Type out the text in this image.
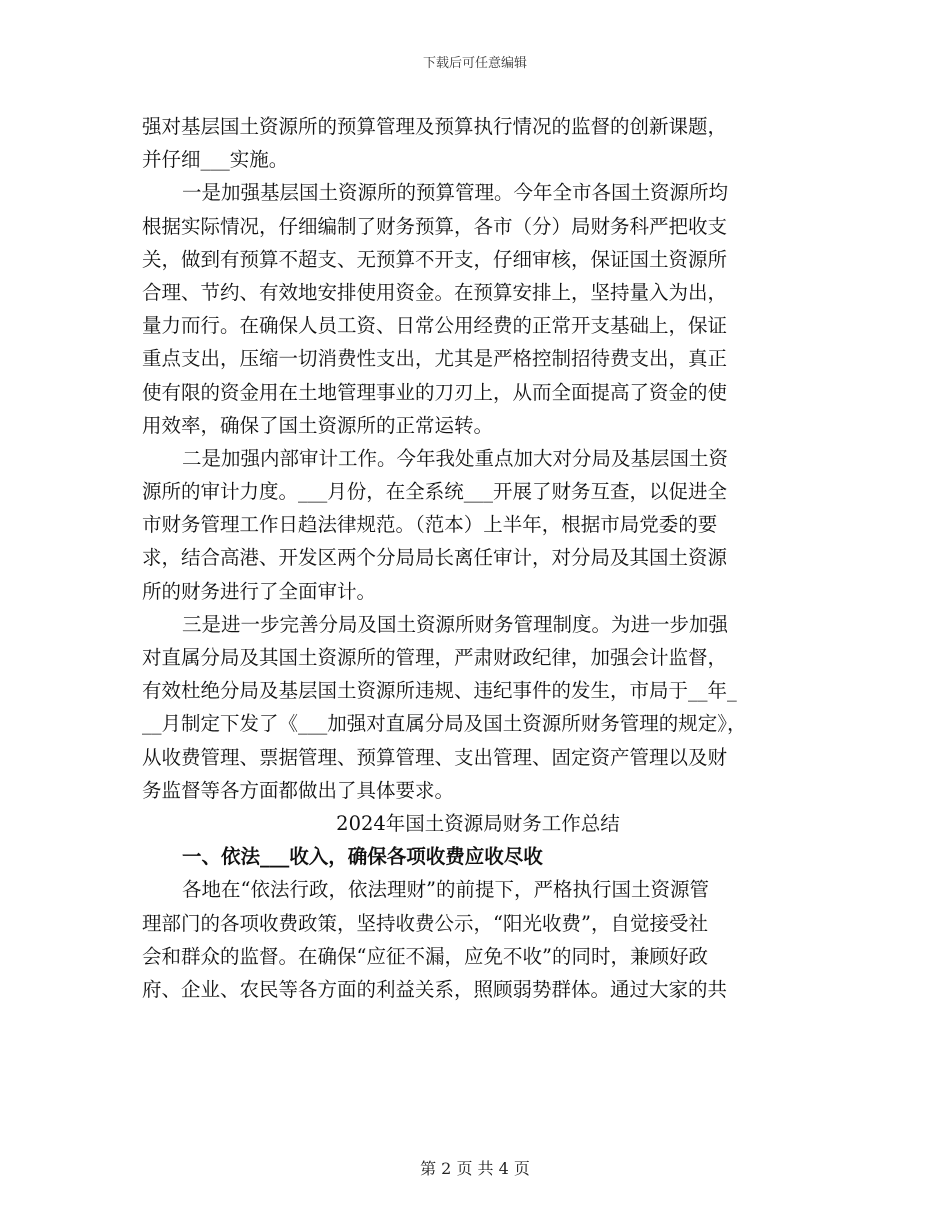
下载后可任意编辑
强对基层国土资源所的预算管理及预算执行情况的监督的创新课题，
并仔细___实施。
一是加强基层国土资源所的预算管理。今年全市各国土资源所均
根据实际情况，仔细编制了财务预算，各市（分）局财务科严把收支
关，做到有预算不超支、无预算不开支，仔细审核，保证国土资源所
合理、节约、有效地安排使用资金。在预算安排上，坚持量入为出，
量力而行。在确保人员工资、日常公用经费的正常开支基础上，保证
重点支出，压缩一切消费性支出，尤其是严格控制招待费支出，真正
使有限的资金用在土地管理事业的刀刃上，从而全面提高了资金的使
用效率，确保了国土资源所的正常运转。
二是加强内部审计工作。今年我处重点加大对分局及基层国土资
源所的审计力度。___月份，在全系统___开展了财务互查，以促进全
市财务管理工作日趋法律规范。（范本）上半年，根据市局党委的要
求，结合高港、开发区两个分局局长离任审计，对分局及其国土资源
所的财务进行了全面审计。
三是进一步完善分局及国土资源所财务管理制度。为进一步加强
对直属分局及其国土资源所的管理，严肃财政纪律，加强会计监督，
有效杜绝分局及基层国土资源所违规、违纪事件的发生，市局于__年_
__月制定下发了《___加强对直属分局及国土资源所财务管理的规定》，
从收费管理、票据管理、预算管理、支出管理、固定资产管理以及财
务监督等各方面都做出了具体要求。
2024年国土资源局财务工作总结
一、依法___收入，确保各项收费应收尽收
各地在“依法行政，依法理财”的前提下，严格执行国土资源管
理部门的各项收费政策，坚持收费公示，“阳光收费”，自觉接受社
会和群众的监督。在确保“应征不漏，应免不收”的同时，兼顾好政
府、企业、农民等各方面的利益关系，照顾弱势群体。通过大家的共
第 2 页 共 4 页
